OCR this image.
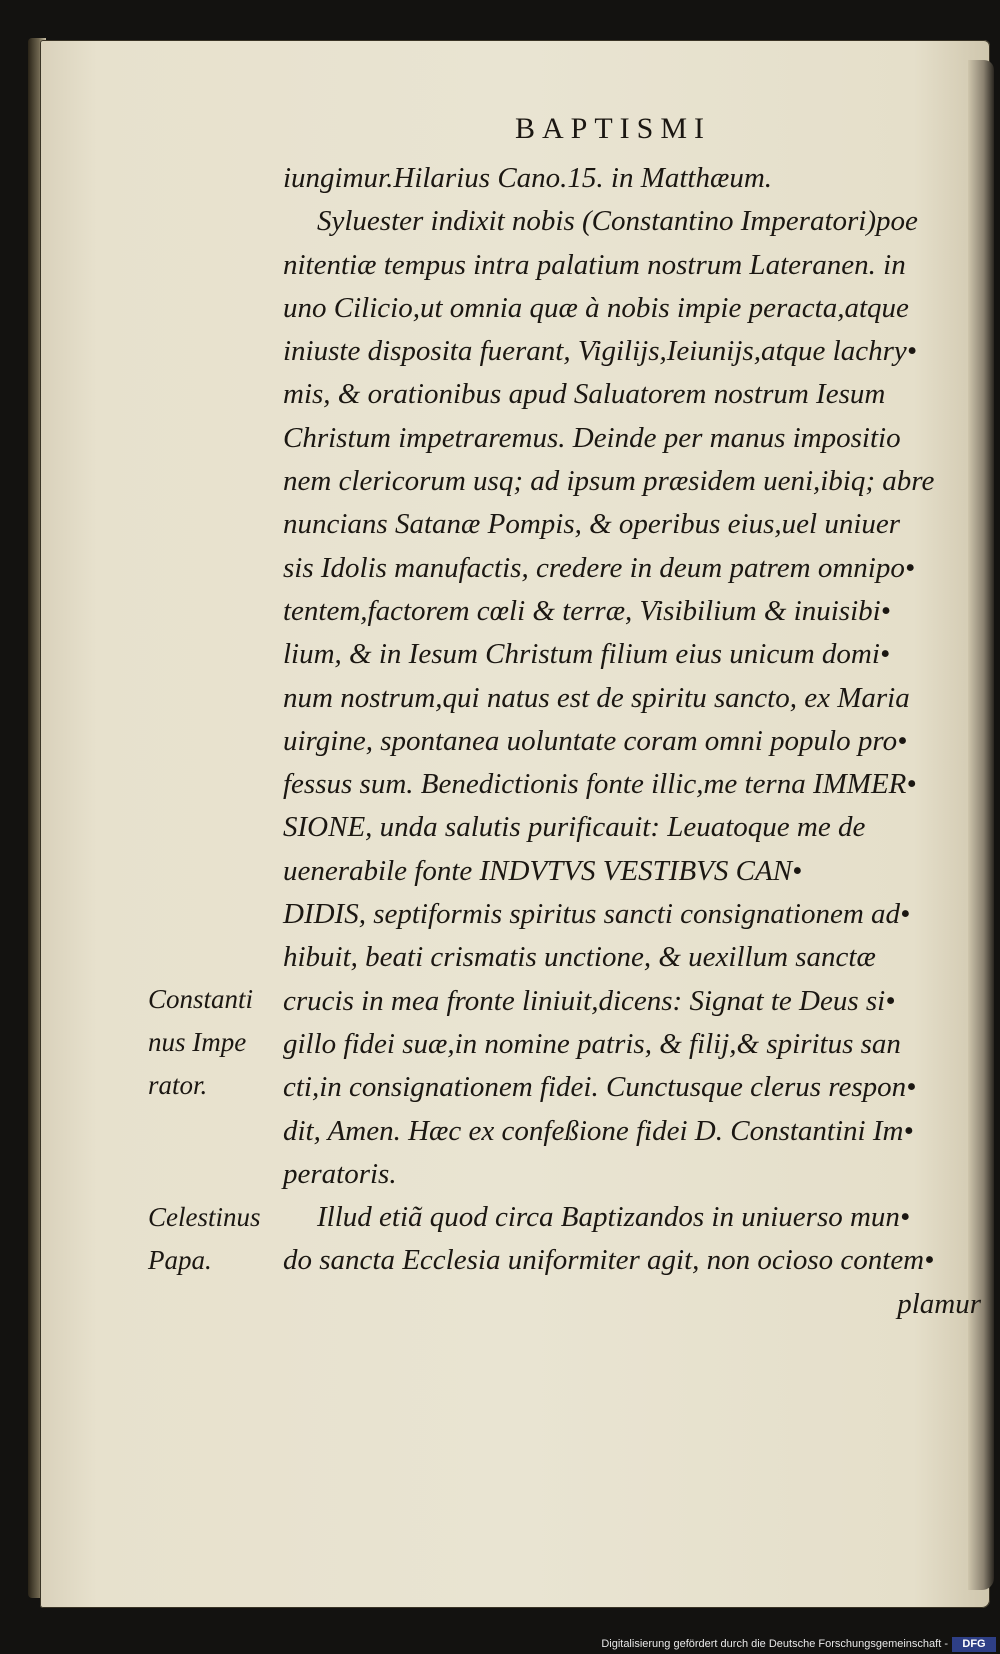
BAPTISMI
iungimur.Hilarius Cano.15. in Matthæum.
Syluester indixit nobis (Constantino Imperatori)poe
nitentiæ tempus intra palatium nostrum Lateranen. in
uno Cilicio,ut omnia quæ à nobis impie peracta,atque
iniuste disposita fuerant, Vigilijs,Ieiunijs,atque lachry•
mis, & orationibus apud Saluatorem nostrum Iesum
Christum impetraremus. Deinde per manus impositio
nem clericorum usq; ad ipsum præsidem ueni,ibiq; abre
nuncians Satanæ Pompis, & operibus eius,uel uniuer
sis Idolis manufactis, credere in deum patrem omnipo•
tentem,factorem cœli & terræ, Visibilium & inuisibi•
lium, & in Iesum Christum filium eius unicum domi•
num nostrum,qui natus est de spiritu sancto, ex Maria
uirgine, spontanea uoluntate coram omni populo pro•
fessus sum. Benedictionis fonte illic,me terna IMMER•
SIONE, unda salutis purificauit: Leuatoque me de
uenerabile fonte INDVTVS VESTIBVS CAN•
DIDIS, septiformis spiritus sancti consignationem ad•
hibuit, beati crismatis unctione, & uexillum sanctæ
crucis in mea fronte liniuit,dicens: Signat te Deus si•
gillo fidei suæ,in nomine patris, & filij,& spiritus san
cti,in consignationem fidei. Cunctusque clerus respon•
dit, Amen. Hæc ex confeßione fidei D. Constantini Im•
peratoris.
Illud etiã quod circa Baptizandos in uniuerso mun•
do sancta Ecclesia uniformiter agit, non ocioso contem•
plamur
Constanti
nus Impe
rator.
Celestinus
Papa.
Digitalisierung gefördert durch die Deutsche Forschungsgemeinschaft -	DFG
